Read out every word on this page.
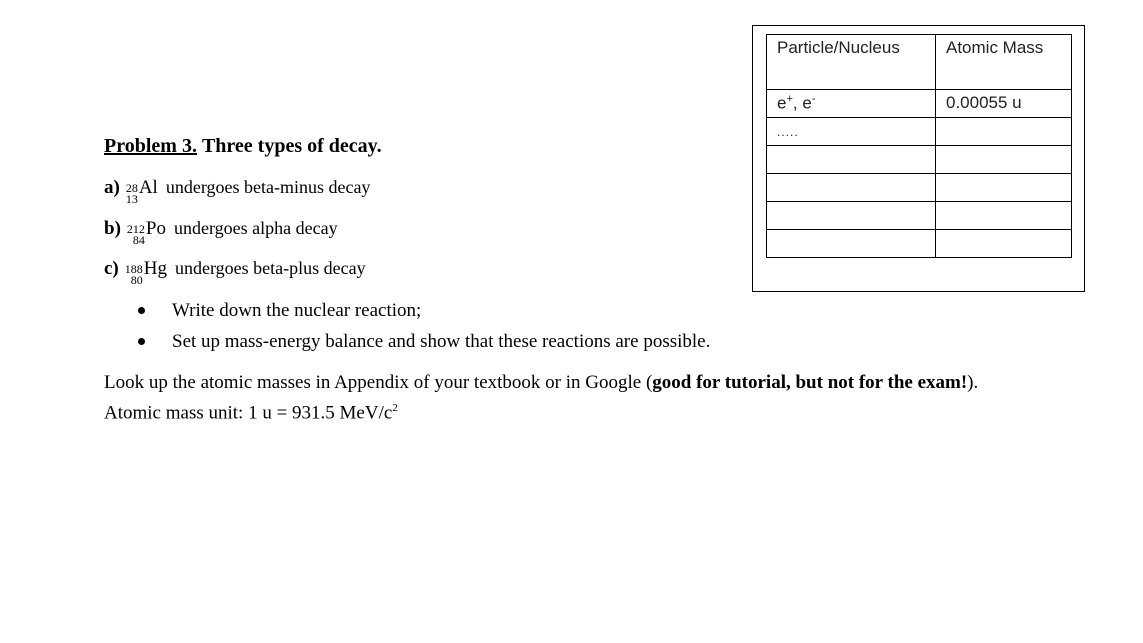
Problem 3. Three types of decay.
a) 28
13
Al undergoes beta-minus decay
b) 212
84
Po undergoes alpha decay
c) 188
80
Hg undergoes beta-plus decay
Write down the nuclear reaction;
Set up mass-energy balance and show that these reactions are possible.
Look up the atomic masses in Appendix of your textbook or in Google (good for tutorial, but not for the exam!).
Atomic mass unit: 1 u = 931.5 MeV/$c^2$
Particle/Nucleus	Atomic Mass
e+, e-	0.00055 u
.....	
